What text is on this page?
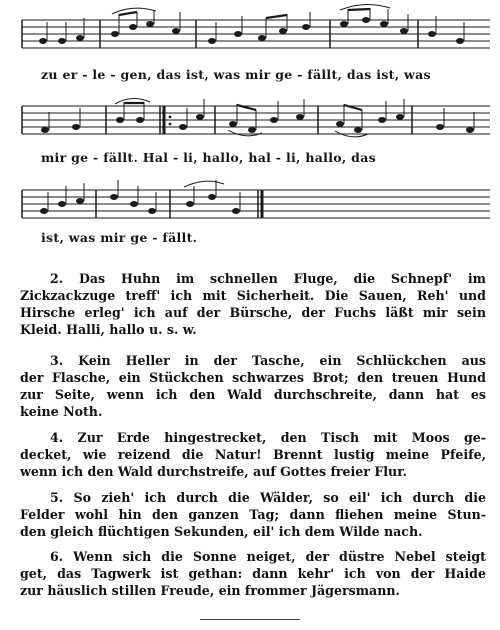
zu er - le - gen, das ist, was mir ge - fällt, das ist, was
mir ge - fällt. Hal - li, hallo, hal - li, hallo, das
ist, was mir ge - fällt.
2. Das Huhn im schnellen Fluge, die Schnepf' im
Zickzackzuge treff' ich mit Sicherheit. Die Sauen, Reh' und
Hirsche erleg' ich auf der Bürsche, der Fuchs läßt mir sein
Kleid. Halli, hallo u. s. w.
3. Kein Heller in der Tasche, ein Schlückchen aus
der Flasche, ein Stückchen schwarzes Brot; den treuen Hund
zur Seite, wenn ich den Wald durchschreite, dann hat es
keine Noth.
4. Zur Erde hingestrecket, den Tisch mit Moos ge-
decket, wie reizend die Natur! Brennt lustig meine Pfeife,
wenn ich den Wald durchstreife, auf Gottes freier Flur.
5. So zieh' ich durch die Wälder, so eil' ich durch die
Felder wohl hin den ganzen Tag; dann fliehen meine Stun-
den gleich flüchtigen Sekunden, eil' ich dem Wilde nach.
6. Wenn sich die Sonne neiget, der düstre Nebel steigt
get, das Tagwerk ist gethan: dann kehr' ich von der Haide
zur häuslich stillen Freude, ein frommer Jägersmann.
